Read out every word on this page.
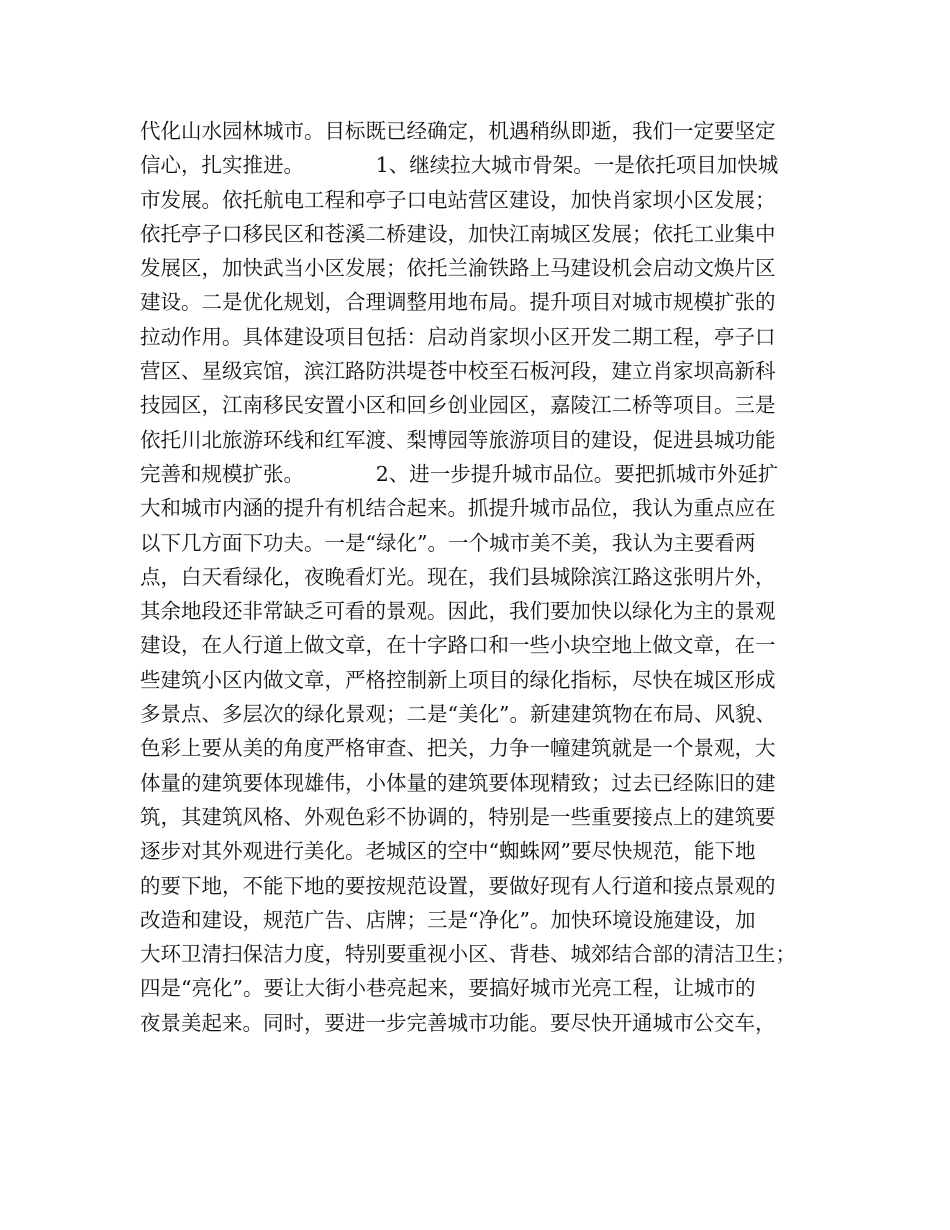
代化山水园林城市。目标既已经确定，机遇稍纵即逝，我们一定要坚定
信心，扎实推进。　　　　1、继续拉大城市骨架。一是依托项目加快城
市发展。依托航电工程和亭子口电站营区建设，加快肖家坝小区发展；
依托亭子口移民区和苍溪二桥建设，加快江南城区发展；依托工业集中
发展区，加快武当小区发展；依托兰渝铁路上马建设机会启动文焕片区
建设。二是优化规划，合理调整用地布局。提升项目对城市规模扩张的
拉动作用。具体建设项目包括：启动肖家坝小区开发二期工程，亭子口
营区、星级宾馆，滨江路防洪堤苍中校至石板河段，建立肖家坝高新科
技园区，江南移民安置小区和回乡创业园区，嘉陵江二桥等项目。三是
依托川北旅游环线和红军渡、梨博园等旅游项目的建设，促进县城功能
完善和规模扩张。　　　　2、进一步提升城市品位。要把抓城市外延扩
大和城市内涵的提升有机结合起来。抓提升城市品位，我认为重点应在
以下几方面下功夫。一是“绿化”。一个城市美不美，我认为主要看两
点，白天看绿化，夜晚看灯光。现在，我们县城除滨江路这张明片外，
其余地段还非常缺乏可看的景观。因此，我们要加快以绿化为主的景观
建设，在人行道上做文章，在十字路口和一些小块空地上做文章，在一
些建筑小区内做文章，严格控制新上项目的绿化指标，尽快在城区形成
多景点、多层次的绿化景观；二是“美化”。新建建筑物在布局、风貌、
色彩上要从美的角度严格审查、把关，力争一幢建筑就是一个景观，大
体量的建筑要体现雄伟，小体量的建筑要体现精致；过去已经陈旧的建
筑，其建筑风格、外观色彩不协调的，特别是一些重要接点上的建筑要
逐步对其外观进行美化。老城区的空中“蜘蛛网”要尽快规范，能下地
的要下地，不能下地的要按规范设置，要做好现有人行道和接点景观的
改造和建设，规范广告、店牌；三是“净化”。加快环境设施建设，加
大环卫清扫保洁力度，特别要重视小区、背巷、城郊结合部的清洁卫生；
四是“亮化”。要让大街小巷亮起来，要搞好城市光亮工程，让城市的
夜景美起来。同时，要进一步完善城市功能。要尽快开通城市公交车，
